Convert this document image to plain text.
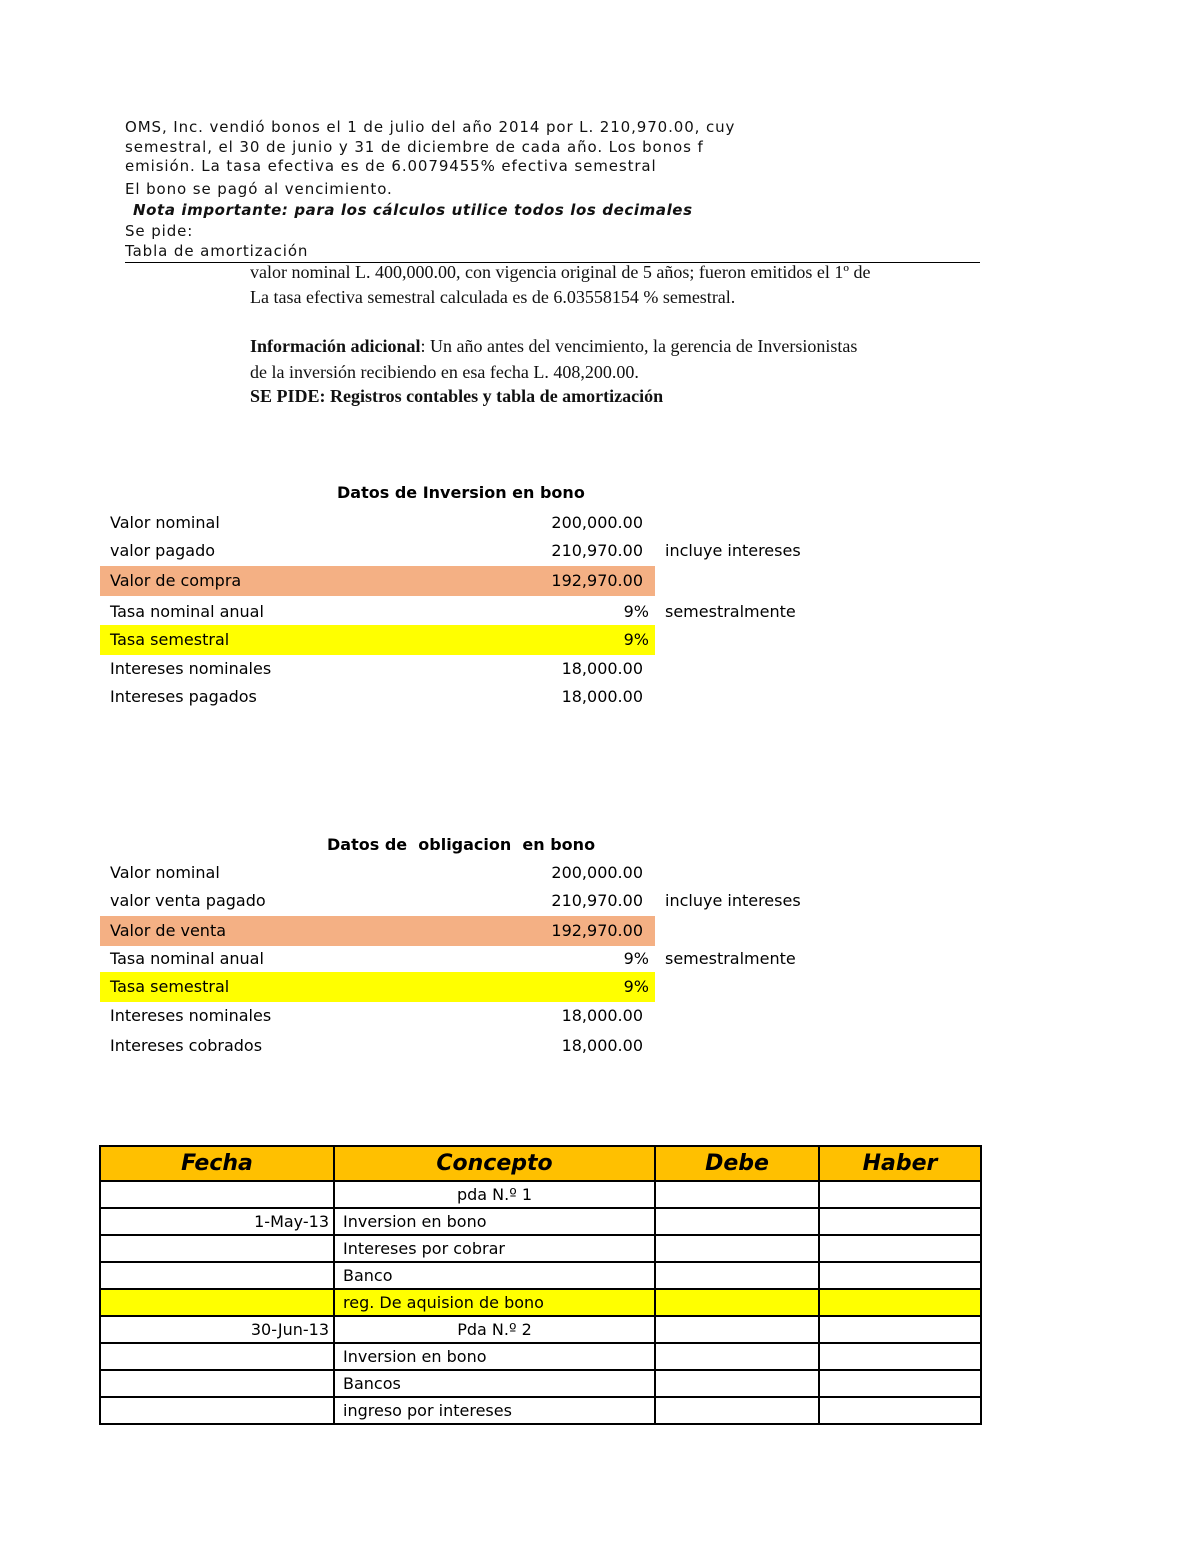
OMS, Inc. vendió bonos el 1 de julio del año 2014 por L. 210,970.00, cuy
semestral, el 30 de junio y 31 de diciembre de cada año. Los bonos f
emisión. La tasa efectiva es de 6.0079455% efectiva semestral
El bono se pagó al vencimiento.
Nota importante: para los cálculos utilice todos los decimales
Se pide:
Tabla de amortización
valor nominal L. 400,000.00, con vigencia original de 5 años; fueron emitidos el 1º de
La tasa efectiva semestral calculada es de 6.03558154 % semestral.
Información adicional: Un año antes del vencimiento, la gerencia de Inversionistas
de la inversión recibiendo en esa fecha L. 408,200.00.
SE PIDE: Registros contables y tabla de amortización
Datos de Inversion en bono
Valor nominal	200,000.00
valor pagado	210,970.00 incluye intereses
Valor de compra	192,970.00
Tasa nominal anual	9% semestralmente
Tasa semestral	9%
Intereses nominales	18,000.00
Intereses pagados	18,000.00
Datos de  obligacion  en bono
Valor nominal	200,000.00
valor venta pagado	210,970.00 incluye intereses
Valor de venta	192,970.00
Tasa nominal anual	9% semestralmente
Tasa semestral	9%
Intereses nominales	18,000.00
Intereses cobrados	18,000.00
Fecha	Concepto	Debe	Haber
	pda N.º 1		
1-May-13	Inversion en bono		
	Intereses por cobrar		
	Banco		
	reg. De aquision de bono		
30-Jun-13	Pda N.º 2		
	Inversion en bono		
	Bancos		
	ingreso por intereses		
